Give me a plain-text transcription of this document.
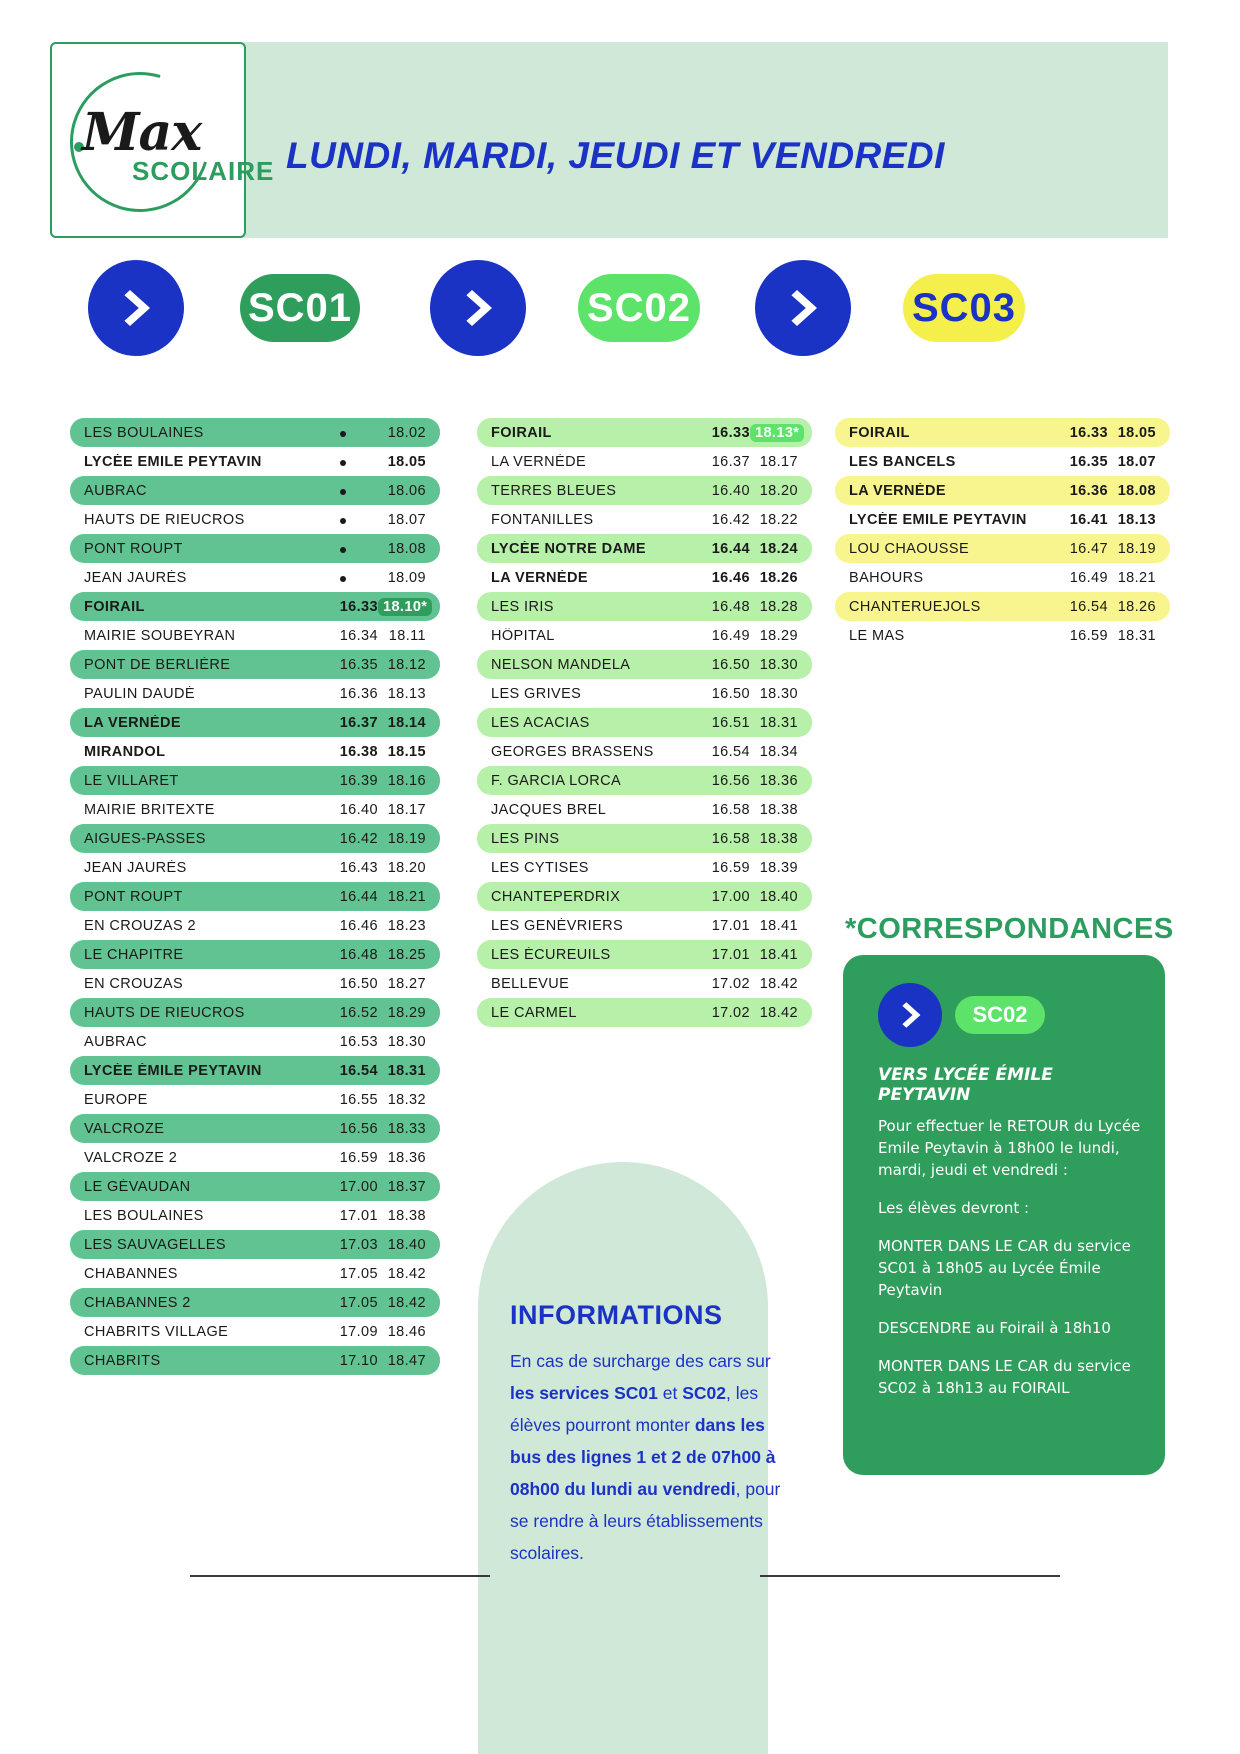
Max
SCOLAIRE LUNDI, MARDI, JEUDI ET VENDREDI
SC01	SC02	SC03
LES BOULAINES	18.02
LYCÉE EMILE PEYTAVIN	18.05
AUBRAC	18.06
HAUTS DE RIEUCROS	18.07
PONT ROUPT	18.08
JEAN JAURÈS	18.09
FOIRAIL	16.33 18.10*
MAIRIE SOUBEYRAN	16.34 18.11
PONT DE BERLIÈRE	16.35 18.12
PAULIN DAUDÉ	16.36 18.13
LA VERNÈDE	16.37 18.14
MIRANDOL	16.38 18.15
LE VILLARET	16.39 18.16
MAIRIE BRITEXTE	16.40 18.17
AIGUES-PASSES	16.42 18.19
JEAN JAURÈS	16.43 18.20
PONT ROUPT	16.44 18.21
EN CROUZAS 2	16.46 18.23
LE CHAPITRE	16.48 18.25
EN CROUZAS	16.50 18.27
HAUTS DE RIEUCROS	16.52 18.29
AUBRAC	16.53 18.30
LYCÉE ÉMILE PEYTAVIN	16.54 18.31
EUROPE	16.55 18.32
VALCROZE	16.56 18.33
VALCROZE 2	16.59 18.36
LE GÉVAUDAN	17.00 18.37
LES BOULAINES	17.01 18.38
LES SAUVAGELLES	17.03 18.40
CHABANNES	17.05 18.42
CHABANNES 2	17.05 18.42
CHABRITS VILLAGE	17.09 18.46
CHABRITS	17.10 18.47
FOIRAIL	16.33 18.13*
LA VERNÈDE	16.37 18.17
TERRES BLEUES	16.40 18.20
FONTANILLES	16.42 18.22
LYCÉE NOTRE DAME	16.44 18.24
LA VERNÈDE	16.46 18.26
LES IRIS	16.48 18.28
HÔPITAL	16.49 18.29
NELSON MANDELA	16.50 18.30
LES GRIVES	16.50 18.30
LES ACACIAS	16.51 18.31
GEORGES BRASSENS	16.54 18.34
F. GARCIA LORCA	16.56 18.36
JACQUES BREL	16.58 18.38
LES PINS	16.58 18.38
LES CYTISES	16.59 18.39
CHANTEPERDRIX	17.00 18.40
LES GENÉVRIERS	17.01 18.41
LES ÉCUREUILS	17.01 18.41
BELLEVUE	17.02 18.42
LE CARMEL	17.02 18.42
FOIRAIL	16.33 18.05
LES BANCELS	16.35 18.07
LA VERNÈDE	16.36 18.08
LYCÉE EMILE PEYTAVIN	16.41 18.13
LOU CHAOUSSE	16.47 18.19
BAHOURS	16.49 18.21
CHANTERUEJOLS	16.54 18.26
LE MAS	16.59 18.31
*CORRESPONDANCES
SC02
VERS LYCÉE ÉMILE PEYTAVIN

Pour effectuer le RETOUR du Lycée Emile Peytavin à 18h00 le lundi, mardi, jeudi et vendredi :

Les élèves devront :

MONTER DANS LE CAR du service SC01 à 18h05 au Lycée Émile Peytavin

DESCENDRE au Foirail à 18h10

MONTER DANS LE CAR du service SC02 à 18h13 au FOIRAIL

INFORMATIONS
En cas de surcharge des cars sur les services SC01 et SC02, les élèves pourront monter dans les bus des lignes 1 et 2 de 07h00 à 08h00 du lundi au vendredi, pour se rendre à leurs établissements scolaires.
